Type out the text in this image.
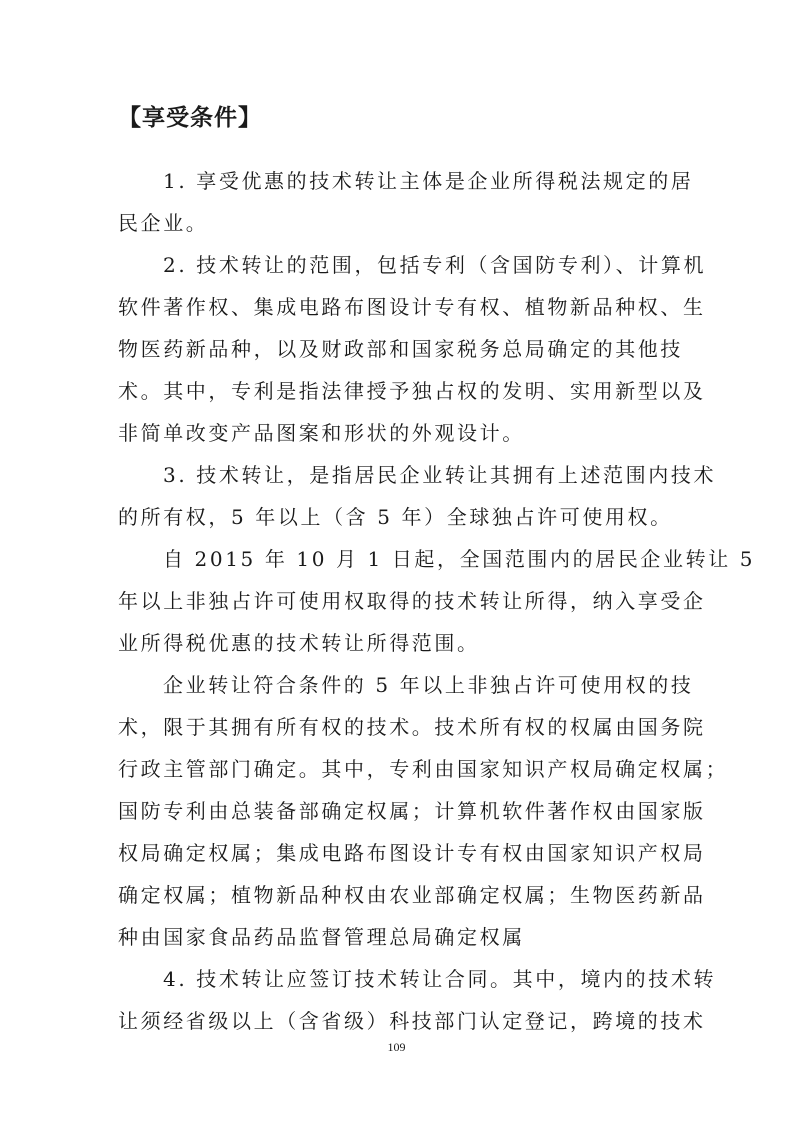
【享受条件】

1. 享受优惠的技术转让主体是企业所得税法规定的居
民企业。

2. 技术转让的范围，包括专利（含国防专利）、计算机
软件著作权、集成电路布图设计专有权、植物新品种权、生
物医药新品种，以及财政部和国家税务总局确定的其他技
术。其中，专利是指法律授予独占权的发明、实用新型以及
非简单改变产品图案和形状的外观设计。

3. 技术转让，是指居民企业转让其拥有上述范围内技术
的所有权，5 年以上（含 5 年）全球独占许可使用权。

自 2015 年 10 月 1 日起，全国范围内的居民企业转让 5
年以上非独占许可使用权取得的技术转让所得，纳入享受企
业所得税优惠的技术转让所得范围。

企业转让符合条件的 5 年以上非独占许可使用权的技
术，限于其拥有所有权的技术。技术所有权的权属由国务院
行政主管部门确定。其中，专利由国家知识产权局确定权属；
国防专利由总装备部确定权属；计算机软件著作权由国家版
权局确定权属；集成电路布图设计专有权由国家知识产权局
确定权属；植物新品种权由农业部确定权属；生物医药新品
种由国家食品药品监督管理总局确定权属

4. 技术转让应签订技术转让合同。其中，境内的技术转
让须经省级以上（含省级）科技部门认定登记，跨境的技术

109
